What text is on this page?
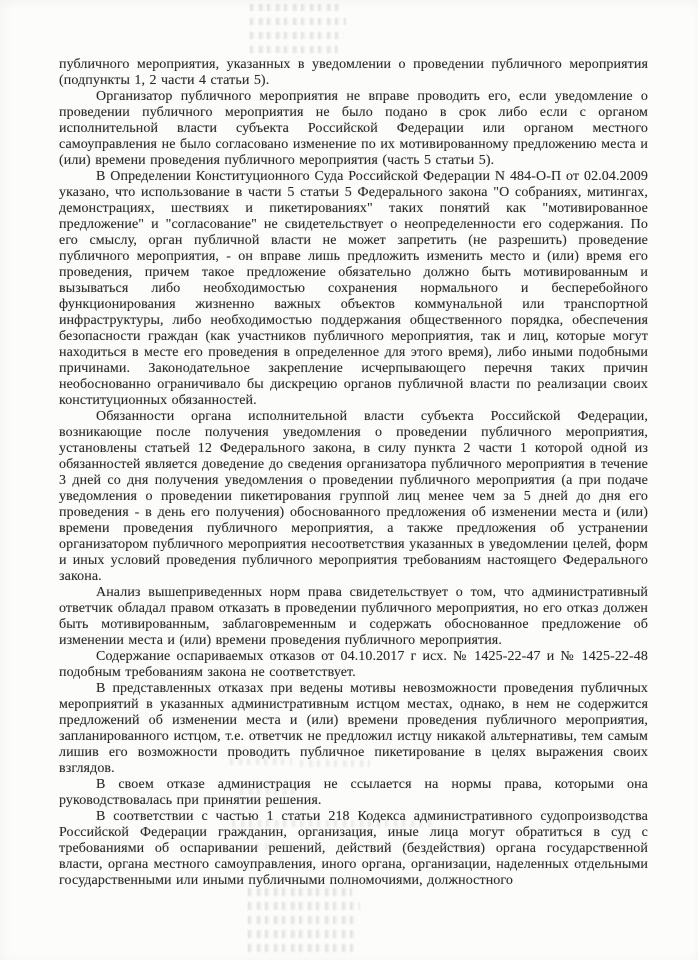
публичного мероприятия, указанных в уведомлении о проведении публичного мероприятия (подпункты 1, 2 части 4 статьи 5).

Организатор публичного мероприятия не вправе проводить его, если уведомление о проведении публичного мероприятия не было подано в срок либо если с органом исполнительной власти субъекта Российской Федерации или органом местного самоуправления не было согласовано изменение по их мотивированному предложению места и (или) времени проведения публичного мероприятия (часть 5 статьи 5).

В Определении Конституционного Суда Российской Федерации N 484-О-П от 02.04.2009 указано, что использование в части 5 статьи 5 Федерального закона "О собраниях, митингах, демонстрациях, шествиях и пикетированиях" таких понятий как "мотивированное предложение" и "согласование" не свидетельствует о неопределенности его содержания. По его смыслу, орган публичной власти не может запретить (не разрешить) проведение публичного мероприятия, - он вправе лишь предложить изменить место и (или) время его проведения, причем такое предложение обязательно должно быть мотивированным и вызываться либо необходимостью сохранения нормального и бесперебойного функционирования жизненно важных объектов коммунальной или транспортной инфраструктуры, либо необходимостью поддержания общественного порядка, обеспечения безопасности граждан (как участников публичного мероприятия, так и лиц, которые могут находиться в месте его проведения в определенное для этого время), либо иными подобными причинами. Законодательное закрепление исчерпывающего перечня таких причин необоснованно ограничивало бы дискрецию органов публичной власти по реализации своих конституционных обязанностей.

Обязанности органа исполнительной власти субъекта Российской Федерации, возникающие после получения уведомления о проведении публичного мероприятия, установлены статьей 12 Федерального закона, в силу пункта 2 части 1 которой одной из обязанностей является доведение до сведения организатора публичного мероприятия в течение 3 дней со дня получения уведомления о проведении публичного мероприятия (а при подаче уведомления о проведении пикетирования группой лиц менее чем за 5 дней до дня его проведения - в день его получения) обоснованного предложения об изменении места и (или) времени проведения публичного мероприятия, а также предложения об устранении организатором публичного мероприятия несоответствия указанных в уведомлении целей, форм и иных условий проведения публичного мероприятия требованиям настоящего Федерального закона.

Анализ вышеприведенных норм права свидетельствует о том, что административный ответчик обладал правом отказать в проведении публичного мероприятия, но его отказ должен быть мотивированным, заблаговременным и содержать обоснованное предложение об изменении места и (или) времени проведения публичного мероприятия.

Содержание оспариваемых отказов от 04.10.2017 г исх. № 1425-22-47 и № 1425-22-48 подобным требованиям закона не соответствует.

В представленных отказах при ведены мотивы невозможности проведения публичных мероприятий в указанных административным истцом местах, однако, в нем не содержится предложений об изменении места и (или) времени проведения публичного мероприятия, запланированного истцом, т.е. ответчик не предложил истцу никакой альтернативы, тем самым лишив его возможности проводить публичное пикетирование в целях выражения своих взглядов.

В своем отказе администрация не ссылается на нормы права, которыми она руководствовалась при принятии решения.

В соответствии с частью 1 статьи 218 Кодекса административного судопроизводства Российской Федерации гражданин, организация, иные лица могут обратиться в суд с требованиями об оспаривании решений, действий (бездействия) органа государственной власти, органа местного самоуправления, иного органа, организации, наделенных отдельными государственными или иными публичными полномочиями, должностного
